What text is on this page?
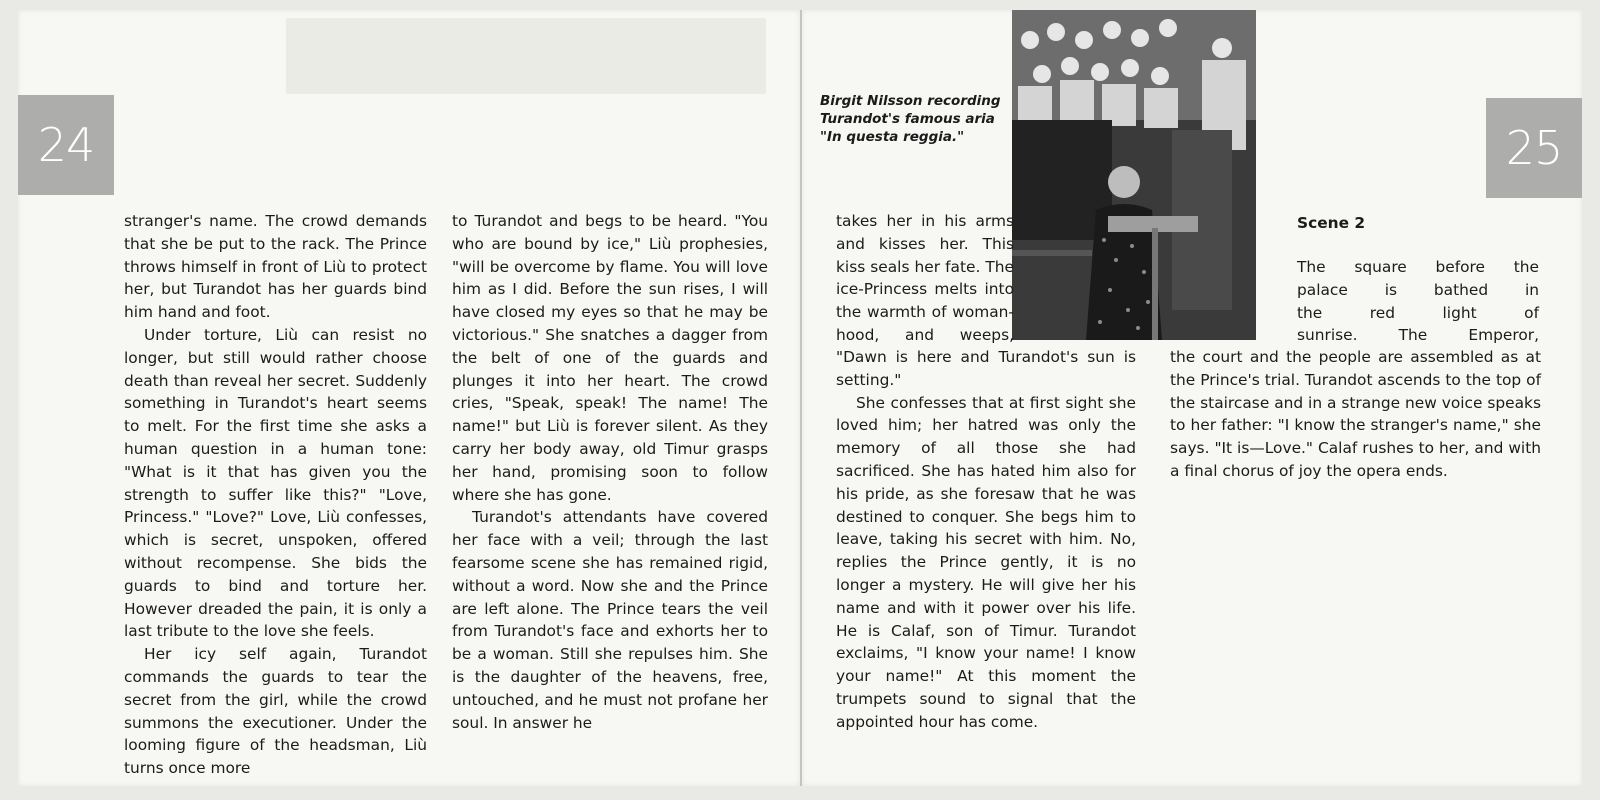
24

stranger's name. The crowd demands that she be put to the rack. The Prince throws himself in front of Liù to protect her, but Turandot has her guards bind him hand and foot.

Under torture, Liù can resist no longer, but still would rather choose death than reveal her secret. Suddenly something in Turandot's heart seems to melt. For the first time she asks a human question in a human tone: "What is it that has given you the strength to suffer like this?" "Love, Princess." "Love?" Love, Liù confesses, which is secret, unspoken, offered without recompense. She bids the guards to bind and torture her. However dreaded the pain, it is only a last tribute to the love she feels.

Her icy self again, Turandot commands the guards to tear the secret from the girl, while the crowd summons the executioner. Under the looming figure of the headsman, Liù turns once more

to Turandot and begs to be heard. "You who are bound by ice," Liù prophesies, "will be overcome by flame. You will love him as I did. Before the sun rises, I will have closed my eyes so that he may be victorious." She snatches a dagger from the belt of one of the guards and plunges it into her heart. The crowd cries, "Speak, speak! The name! The name!" but Liù is forever silent. As they carry her body away, old Timur grasps her hand, promising soon to follow where she has gone.

Turandot's attendants have covered her face with a veil; through the last fearsome scene she has remained rigid, without a word. Now she and the Prince are left alone. The Prince tears the veil from Turandot's face and exhorts her to be a woman. Still she repulses him. She is the daughter of the heavens, free, untouched, and he must not profane her soul. In answer he

Birgit Nilsson recording
Turandot's famous aria
"In questa reggia."	25
takes her in his arms
and kisses her. This
kiss seals her fate. The
ice-Princess melts into
the warmth of woman-
hood, and weeps,

"Dawn is here and Turandot's sun is setting."

She confesses that at first sight she loved him; her hatred was only the memory of all those she had sacrificed. She has hated him also for his pride, as she foresaw that he was destined to conquer. She begs him to leave, taking his secret with him. No, replies the Prince gently, it is no longer a mystery. He will give her his name and with it power over his life. He is Calaf, son of Timur. Turandot exclaims, "I know your name! I know your name!" At this moment the trumpets sound to signal that the appointed hour has come.

Scene 2
The square before the
palace is bathed in
the red light of
sunrise. The Emperor,

the court and the people are assembled as at the Prince's trial. Turandot ascends to the top of the staircase and in a strange new voice speaks to her father: "I know the stranger's name," she says. "It is—Love." Calaf rushes to her, and with a final chorus of joy the opera ends.
